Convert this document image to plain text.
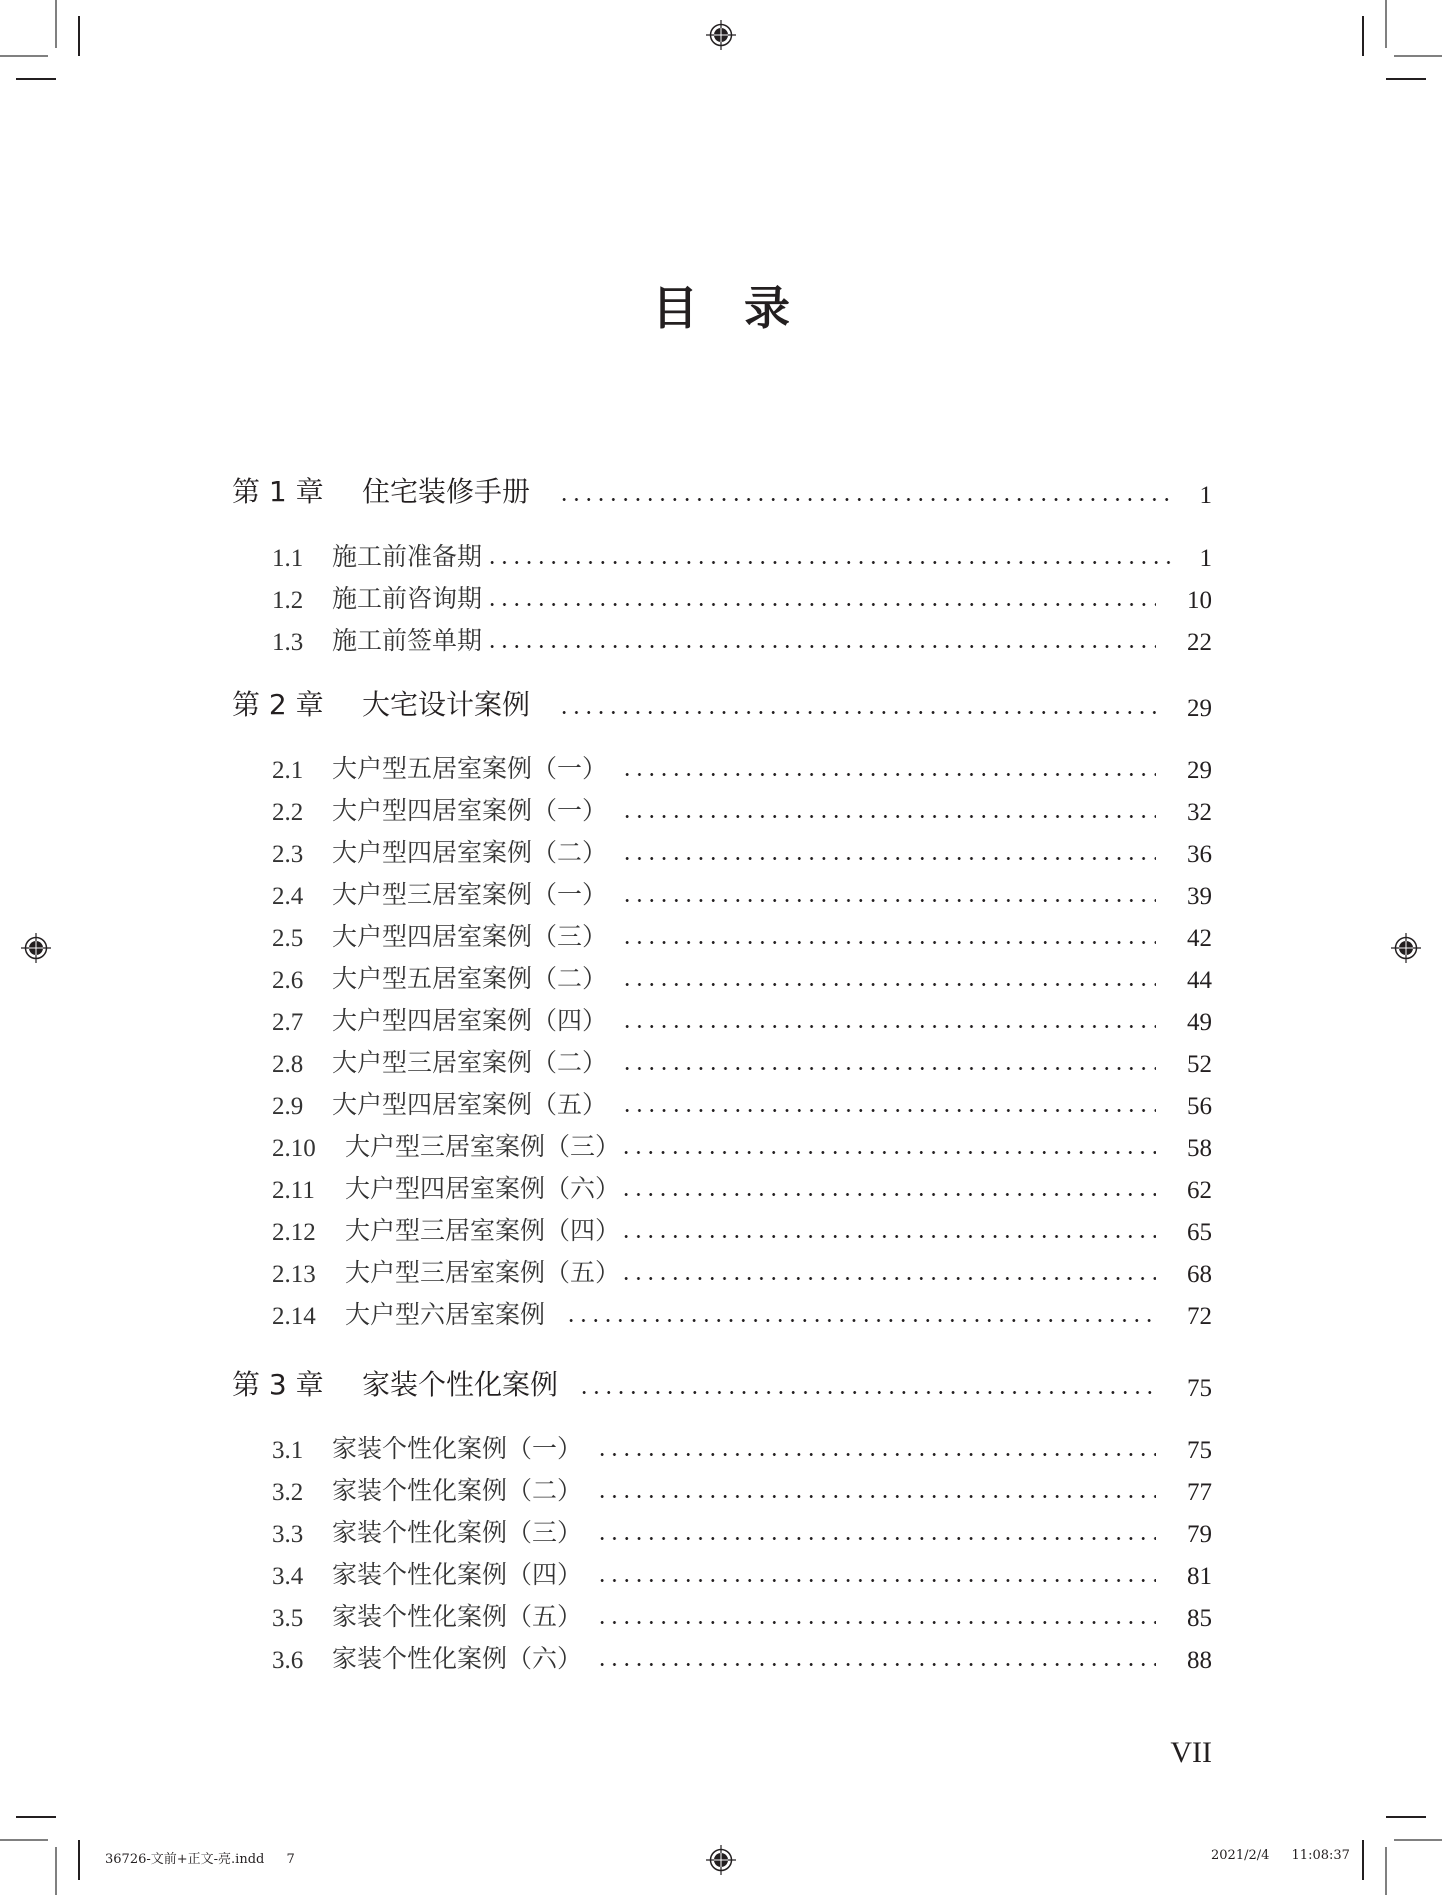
目 录
第 1 章	住宅装修手册	1
1.1	施工前准备期	1
1.2	施工前咨询期	10
1.3	施工前签单期	22
第 2 章	大宅设计案例	29
2.1	大户型五居室案例（一）	29
2.2	大户型四居室案例（一）	32
2.3	大户型四居室案例（二）	36
2.4	大户型三居室案例（一）	39
2.5	大户型四居室案例（三）	42
2.6	大户型五居室案例（二）	44
2.7	大户型四居室案例（四）	49
2.8	大户型三居室案例（二）	52
2.9	大户型四居室案例（五）	56
2.10	大户型三居室案例（三）	58
2.11	大户型四居室案例（六）	62
2.12	大户型三居室案例（四）	65
2.13	大户型三居室案例（五）	68
2.14	大户型六居室案例	72
第 3 章	家装个性化案例	75
3.1	家装个性化案例（一）	75
3.2	家装个性化案例（二）	77
3.3	家装个性化案例（三）	79
3.4	家装个性化案例（四）	81
3.5	家装个性化案例（五）	85
3.6	家装个性化案例（六）	88
VII
36726-文前+正文-亮.indd 7	2021/2/4 11:08:37
